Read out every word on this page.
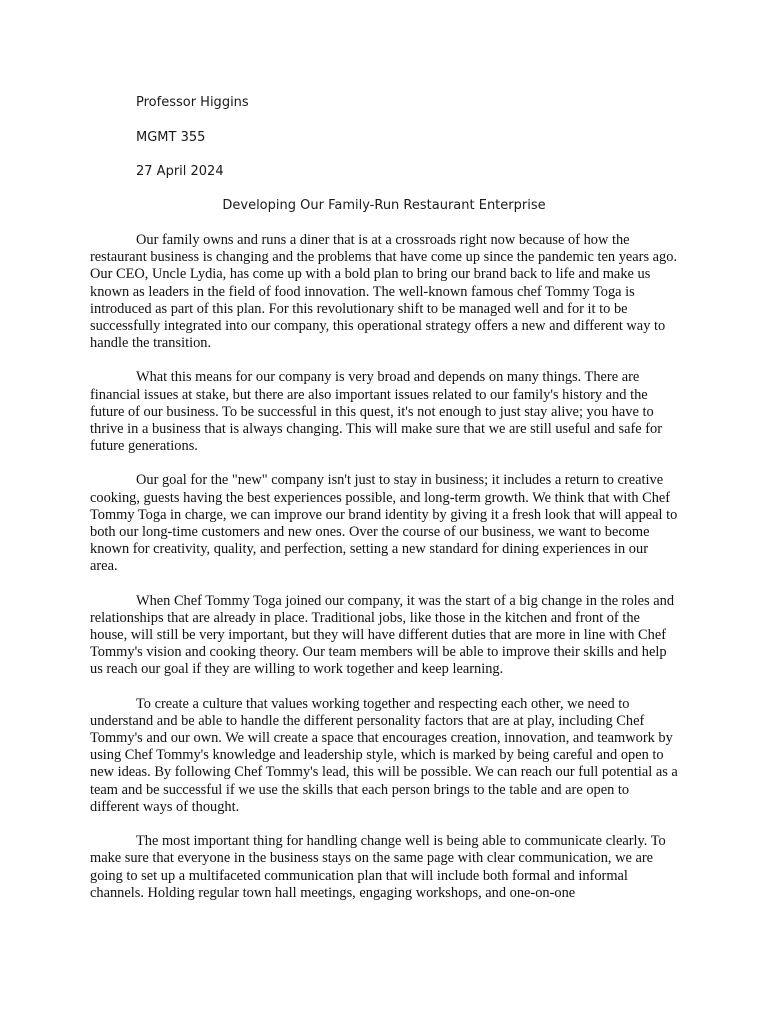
Professor Higgins
MGMT 355
27 April 2024
Developing Our Family-Run Restaurant Enterprise

Our family owns and runs a diner that is at a crossroads right now because of how the restaurant business is changing and the problems that have come up since the pandemic ten years ago. Our CEO, Uncle Lydia, has come up with a bold plan to bring our brand back to life and make us known as leaders in the field of food innovation. The well-known famous chef Tommy Toga is introduced as part of this plan. For this revolutionary shift to be managed well and for it to be successfully integrated into our company, this operational strategy offers a new and different way to handle the transition.

What this means for our company is very broad and depends on many things. There are financial issues at stake, but there are also important issues related to our family's history and the future of our business. To be successful in this quest, it's not enough to just stay alive; you have to thrive in a business that is always changing. This will make sure that we are still useful and safe for future generations.

Our goal for the "new" company isn't just to stay in business; it includes a return to creative cooking, guests having the best experiences possible, and long-term growth. We think that with Chef Tommy Toga in charge, we can improve our brand identity by giving it a fresh look that will appeal to both our long-time customers and new ones. Over the course of our business, we want to become known for creativity, quality, and perfection, setting a new standard for dining experiences in our area.

When Chef Tommy Toga joined our company, it was the start of a big change in the roles and relationships that are already in place. Traditional jobs, like those in the kitchen and front of the house, will still be very important, but they will have different duties that are more in line with Chef Tommy's vision and cooking theory. Our team members will be able to improve their skills and help us reach our goal if they are willing to work together and keep learning.

To create a culture that values working together and respecting each other, we need to understand and be able to handle the different personality factors that are at play, including Chef Tommy's and our own. We will create a space that encourages creation, innovation, and teamwork by using Chef Tommy's knowledge and leadership style, which is marked by being careful and open to new ideas. By following Chef Tommy's lead, this will be possible. We can reach our full potential as a team and be successful if we use the skills that each person brings to the table and are open to different ways of thought.

The most important thing for handling change well is being able to communicate clearly. To make sure that everyone in the business stays on the same page with clear communication, we are going to set up a multifaceted communication plan that will include both formal and informal channels. Holding regular town hall meetings, engaging workshops, and one-on-one
